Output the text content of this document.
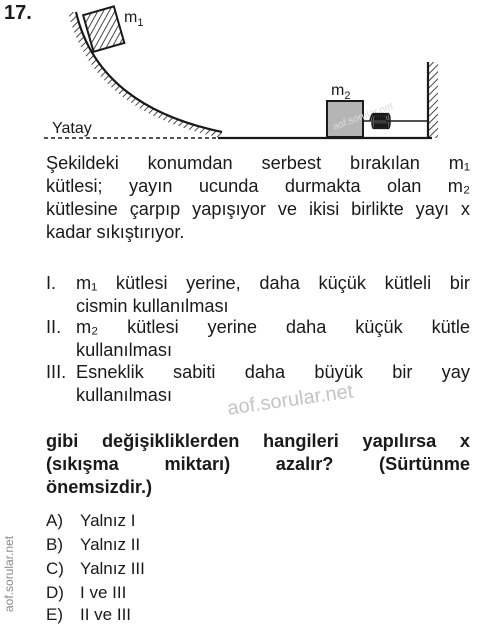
17.
Yatay
$m_1$
$m_2$
aof.sorular.net
Şekildeki konumdan serbest bırakılan m₁
kütlesi; yayın ucunda durmakta olan m₂
kütlesine çarpıp yapışıyor ve ikisi birlikte yayı x
kadar sıkıştırıyor.
I. m₁ kütlesi yerine, daha küçük kütleli bir
cismin kullanılması
II. m₂ kütlesi yerine daha küçük kütle
kullanılması
III. Esneklik sabiti daha büyük bir yay
kullanılması	aof.sorular.net
gibi değişikliklerden hangileri yapılırsa x
(sıkışma miktarı) azalır? (Sürtünme
önemsizdir.)
A) Yalnız I
B) Yalnız II
C) Yalnız III
D) I ve III
E) II ve III
aof.sorular.net
